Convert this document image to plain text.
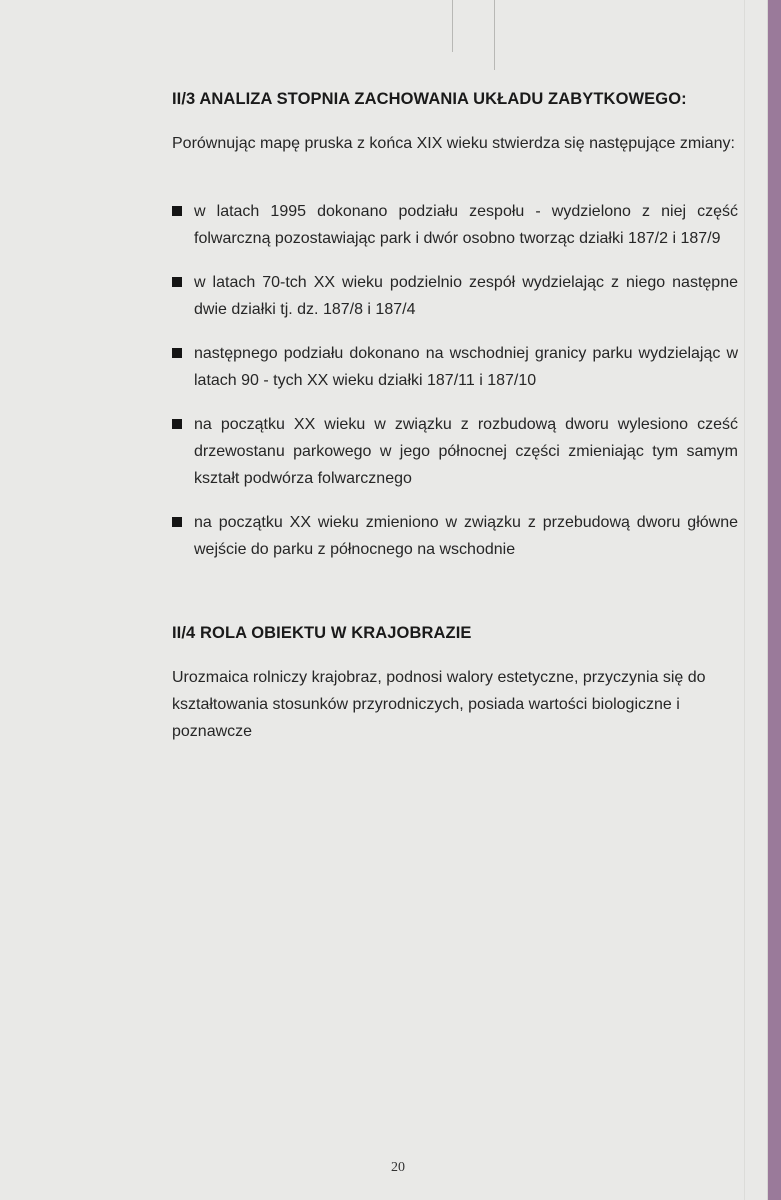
II/3 ANALIZA STOPNIA ZACHOWANIA UKŁADU ZABYTKOWEGO:

Porównując mapę pruska z końca XIX wieku stwierdza się następujące zmiany:

w latach 1995 dokonano podziału zespołu - wydzielono z niej część folwarczną pozostawiając park i dwór osobno tworząc działki 187/2 i 187/9
w latach 70-tch XX wieku podzielnio zespół wydzielając z niego następne dwie działki tj. dz. 187/8 i 187/4
następnego podziału dokonano na wschodniej granicy parku wydzielając w latach 90 - tych XX wieku działki 187/11 i 187/10
na początku XX wieku w związku z rozbudową dworu wylesiono cześć drzewostanu parkowego w jego północnej części zmieniając tym samym kształt podwórza folwarcznego
na początku XX wieku zmieniono w związku z przebudową dworu główne wejście do parku z północnego na wschodnie
II/4 ROLA OBIEKTU W KRAJOBRAZIE

Urozmaica rolniczy krajobraz, podnosi walory estetyczne, przyczynia się do kształtowania stosunków przyrodniczych, posiada wartości biologiczne i poznawcze

20
